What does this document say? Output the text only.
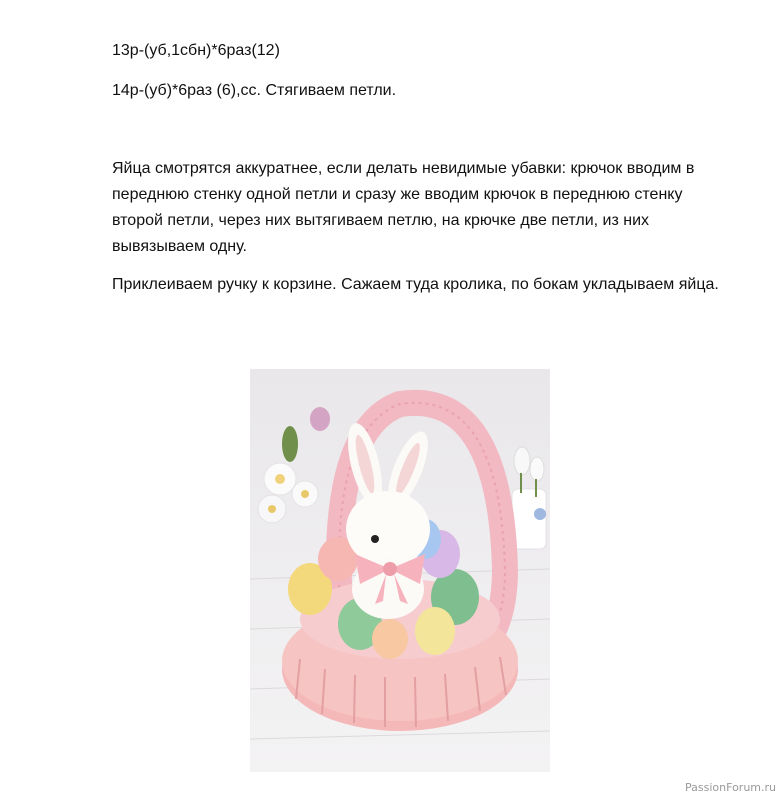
13р-(уб,1сбн)*6раз(12)

14р-(уб)*6раз (6),сс. Стягиваем петли.

Яйца смотрятся аккуратнее, если делать невидимые убавки: крючок вводим в переднюю стенку одной петли и сразу же вводим крючок в переднюю стенку второй петли, через них вытягиваем петлю, на крючке две петли, из них вывязываем одну.

Приклеиваем ручку к корзине. Сажаем туда кролика, по бокам укладываем яйца.

PassionForum.ru
